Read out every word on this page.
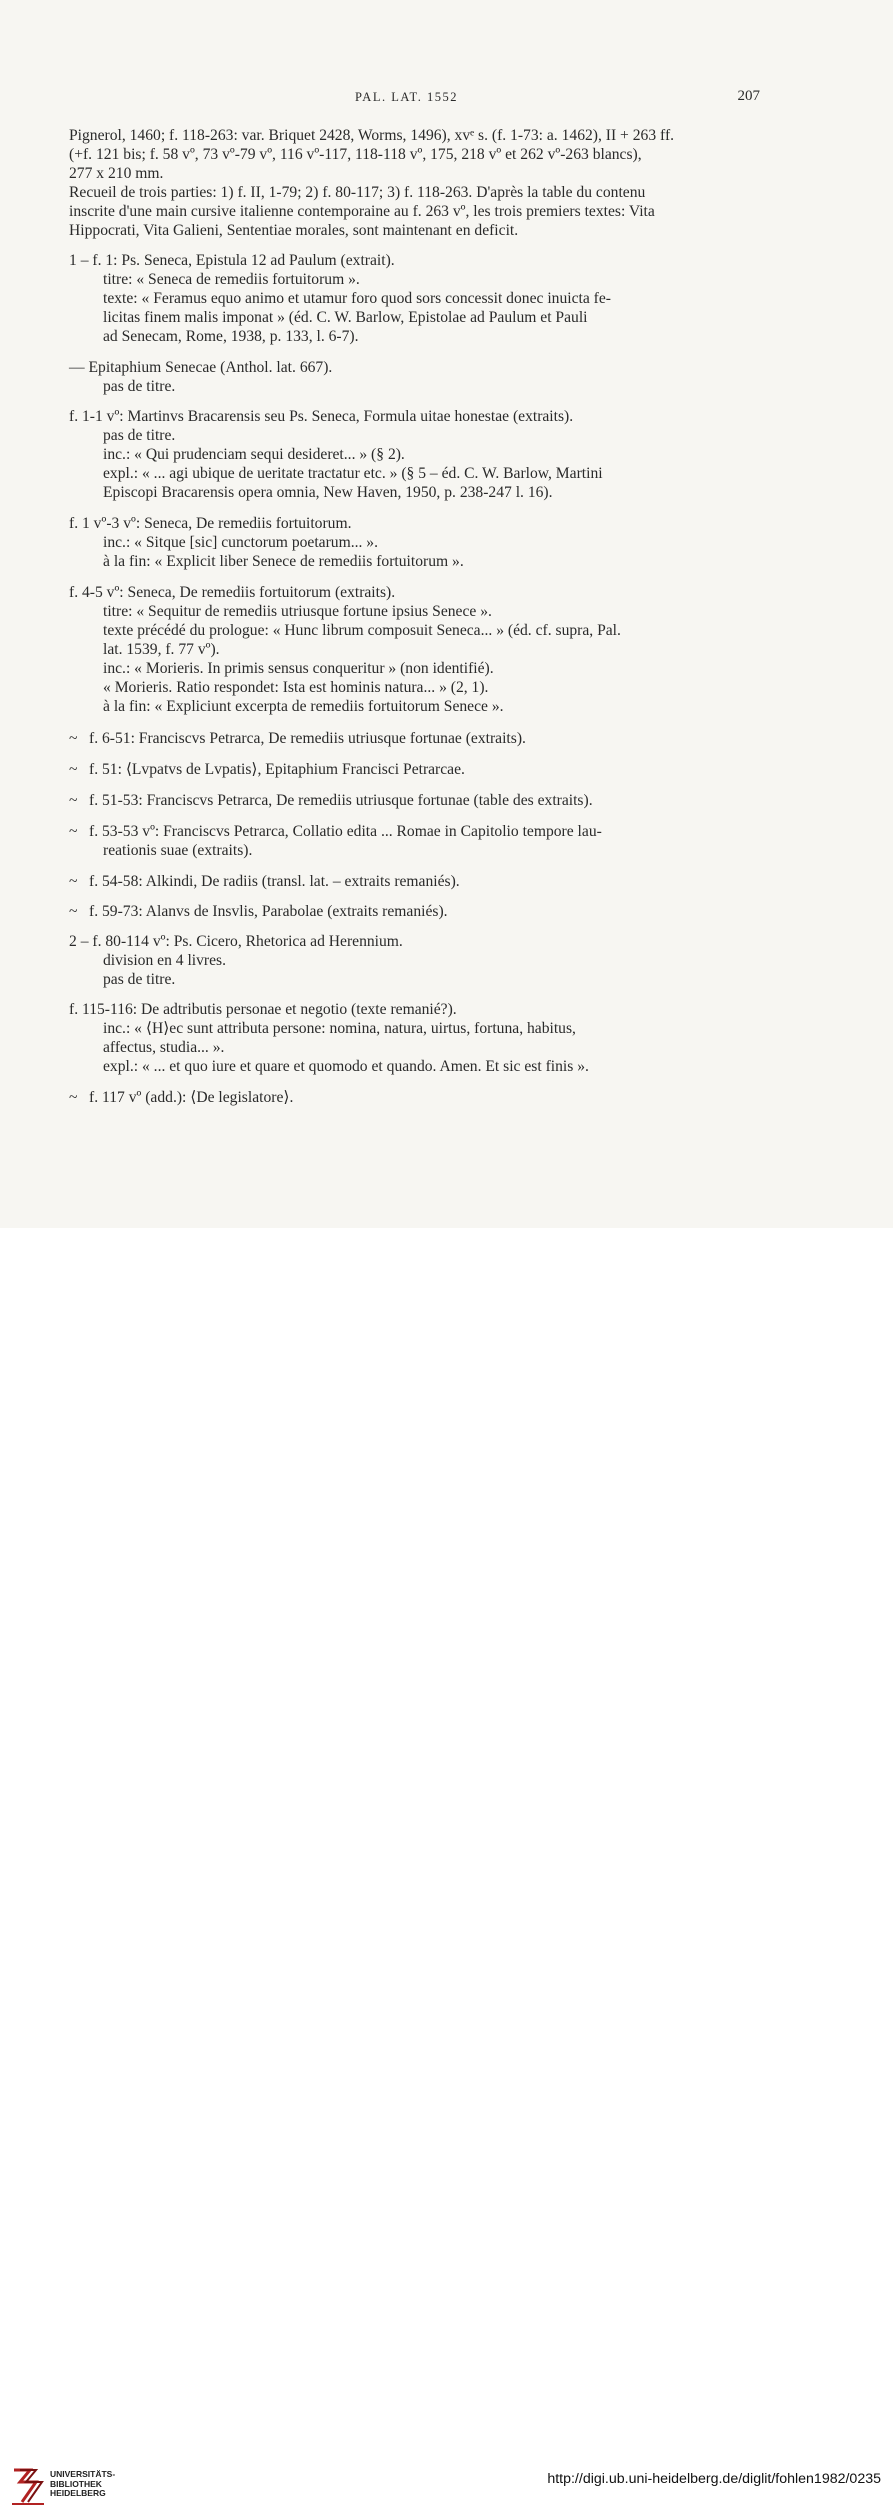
PAL. LAT. 1552	207
Pignerol, 1460; f. 118-263: var. Briquet 2428, Worms, 1496), xvᵉ s. (f. 1-73: a. 1462), II + 263 ff.
(+f. 121 bis; f. 58 vº, 73 vº-79 vº, 116 vº-117, 118-118 vº, 175, 218 vº et 262 vº-263 blancs),
277 x 210 mm.
Recueil de trois parties: 1) f. II, 1-79; 2) f. 80-117; 3) f. 118-263. D'après la table du contenu
inscrite d'une main cursive italienne contemporaine au f. 263 vº, les trois premiers textes: Vita
Hippocrati, Vita Galieni, Sententiae morales, sont maintenant en deficit.
1 – f. 1: Ps. Seneca, Epistula 12 ad Paulum (extrait).
titre: « Seneca de remediis fortuitorum ».
texte: « Feramus equo animo et utamur foro quod sors concessit donec inuicta fe-
licitas finem malis imponat » (éd. C. W. Barlow, Epistolae ad Paulum et Pauli
ad Senecam, Rome, 1938, p. 133, l. 6-7).
— Epitaphium Senecae (Anthol. lat. 667).
pas de titre.
f. 1-1 vº: Martinvs Bracarensis seu Ps. Seneca, Formula uitae honestae (extraits).
pas de titre.
inc.: « Qui prudenciam sequi desideret... » (§ 2).
expl.: « ... agi ubique de ueritate tractatur etc. » (§ 5 – éd. C. W. Barlow, Martini
Episcopi Bracarensis opera omnia, New Haven, 1950, p. 238-247 l. 16).
f. 1 vº-3 vº: Seneca, De remediis fortuitorum.
inc.: « Sitque [sic] cunctorum poetarum... ».
à la fin: « Explicit liber Senece de remediis fortuitorum ».
f. 4-5 vº: Seneca, De remediis fortuitorum (extraits).
titre: « Sequitur de remediis utriusque fortune ipsius Senece ».
texte précédé du prologue: « Hunc librum composuit Seneca... » (éd. cf. supra, Pal.
lat. 1539, f. 77 vº).
inc.: « Morieris. In primis sensus conqueritur » (non identifié).
« Morieris. Ratio respondet: Ista est hominis natura... » (2, 1).
à la fin: « Expliciunt excerpta de remediis fortuitorum Senece ».
~ f. 6-51: Franciscvs Petrarca, De remediis utriusque fortunae (extraits).
~ f. 51: ⟨Lvpatvs de Lvpatis⟩, Epitaphium Francisci Petrarcae.
~ f. 51-53: Franciscvs Petrarca, De remediis utriusque fortunae (table des extraits).
~ f. 53-53 vº: Franciscvs Petrarca, Collatio edita ... Romae in Capitolio tempore lau-
reationis suae (extraits).
~ f. 54-58: Alkindi, De radiis (transl. lat. – extraits remaniés).
~ f. 59-73: Alanvs de Insvlis, Parabolae (extraits remaniés).
2 – f. 80-114 vº: Ps. Cicero, Rhetorica ad Herennium.
division en 4 livres.
pas de titre.
f. 115-116: De adtributis personae et negotio (texte remanié?).
inc.: « ⟨H⟩ec sunt attributa persone: nomina, natura, uirtus, fortuna, habitus,
affectus, studia... ».
expl.: « ... et quo iure et quare et quomodo et quando. Amen. Et sic est finis ».
~ f. 117 vº (add.): ⟨De legislatore⟩.
UNIVERSITÄTS-
BIBLIOTHEK
HEIDELBERG
http://digi.ub.uni-heidelberg.de/diglit/fohlen1982/0235
